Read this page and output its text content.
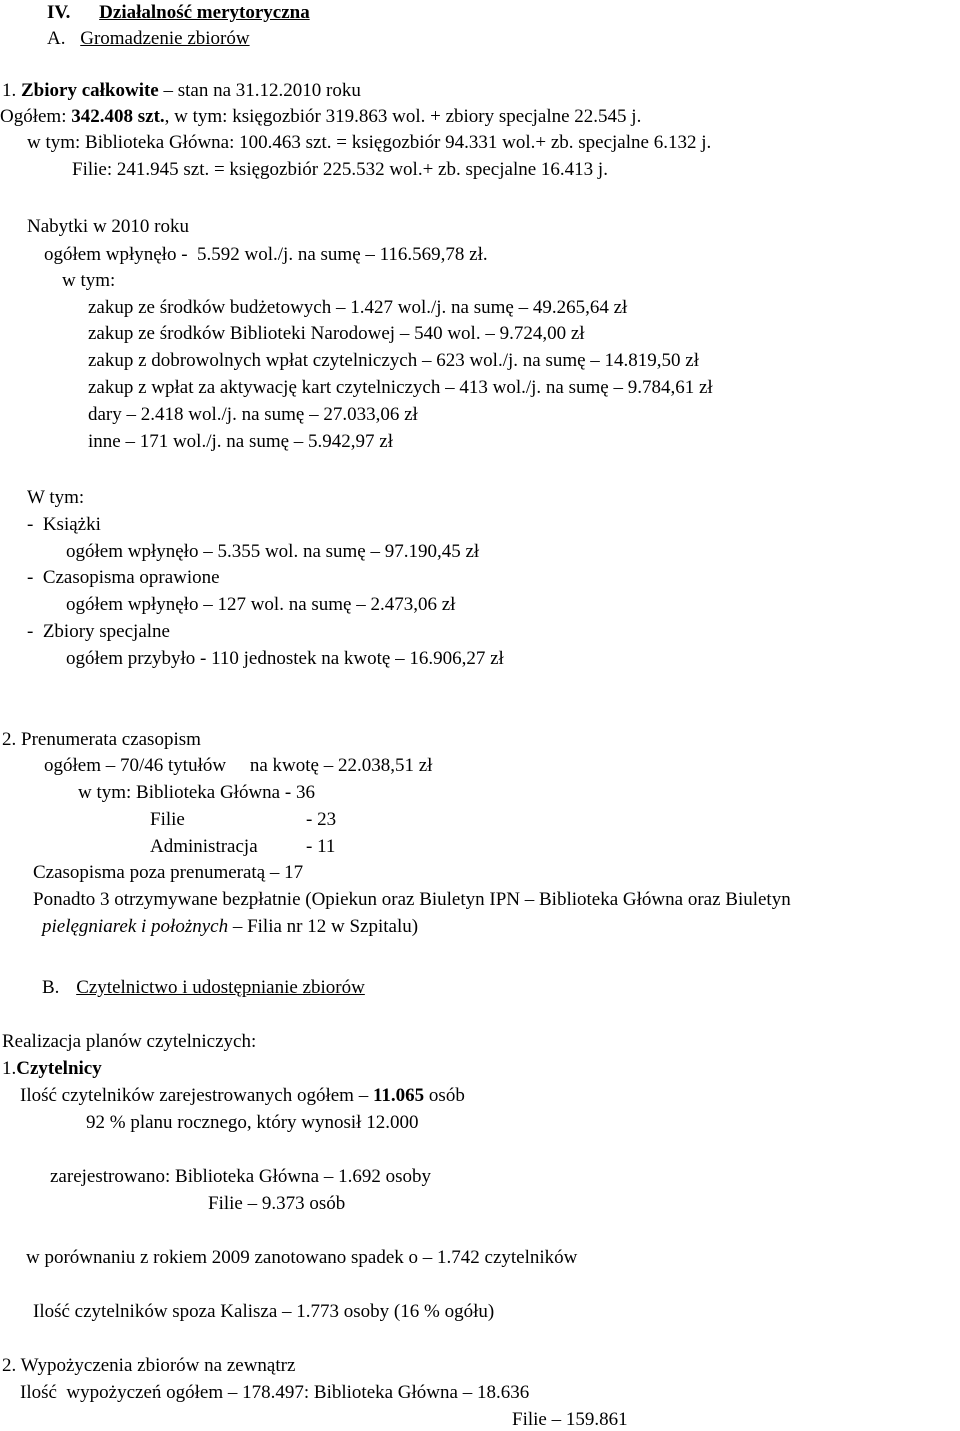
IV. Działalność merytoryczna
A. Gromadzenie zbiorów
1. Zbiory całkowite – stan na 31.12.2010 roku
Ogółem: 342.408 szt., w tym: księgozbiór 319.863 wol. + zbiory specjalne 22.545 j.
w tym: Biblioteka Główna: 100.463 szt. = księgozbiór 94.331 wol.+ zb. specjalne 6.132 j.
Filie: 241.945 szt. = księgozbiór 225.532 wol.+ zb. specjalne 16.413 j.
Nabytki w 2010 roku
ogółem wpłynęło -  5.592 wol./j. na sumę – 116.569,78 zł.
w tym:
zakup ze środków budżetowych – 1.427 wol./j. na sumę – 49.265,64 zł
zakup ze środków Biblioteki Narodowej – 540 wol. – 9.724,00 zł
zakup z dobrowolnych wpłat czytelniczych – 623 wol./j. na sumę – 14.819,50 zł
zakup z wpłat za aktywację kart czytelniczych – 413 wol./j. na sumę – 9.784,61 zł
dary – 2.418 wol./j. na sumę – 27.033,06 zł
inne – 171 wol./j. na sumę – 5.942,97 zł
W tym:
-  Książki
ogółem wpłynęło – 5.355 wol. na sumę – 97.190,45 zł
-  Czasopisma oprawione
ogółem wpłynęło – 127 wol. na sumę – 2.473,06 zł
-  Zbiory specjalne
ogółem przybyło - 110 jednostek na kwotę – 16.906,27 zł
2. Prenumerata czasopism
ogółem – 70/46 tytułów     na kwotę – 22.038,51 zł
w tym: Biblioteka Główna - 36
Filie	- 23
Administracja	- 11
Czasopisma poza prenumeratą – 17
Ponadto 3 otrzymywane bezpłatnie (Opiekun oraz Biuletyn IPN – Biblioteka Główna oraz Biuletyn
pielęgniarek i położnych – Filia nr 12 w Szpitalu)
B. Czytelnictwo i udostępnianie zbiorów
Realizacja planów czytelniczych:
1.Czytelnicy
Ilość czytelników zarejestrowanych ogółem – 11.065 osób
92 % planu rocznego, który wynosił 12.000
zarejestrowano: Biblioteka Główna – 1.692 osoby
Filie – 9.373 osób
w porównaniu z rokiem 2009 zanotowano spadek o – 1.742 czytelników
Ilość czytelników spoza Kalisza – 1.773 osoby (16 % ogółu)
2. Wypożyczenia zbiorów na zewnątrz
Ilość  wypożyczeń ogółem – 178.497: Biblioteka Główna – 18.636
Filie – 159.861
